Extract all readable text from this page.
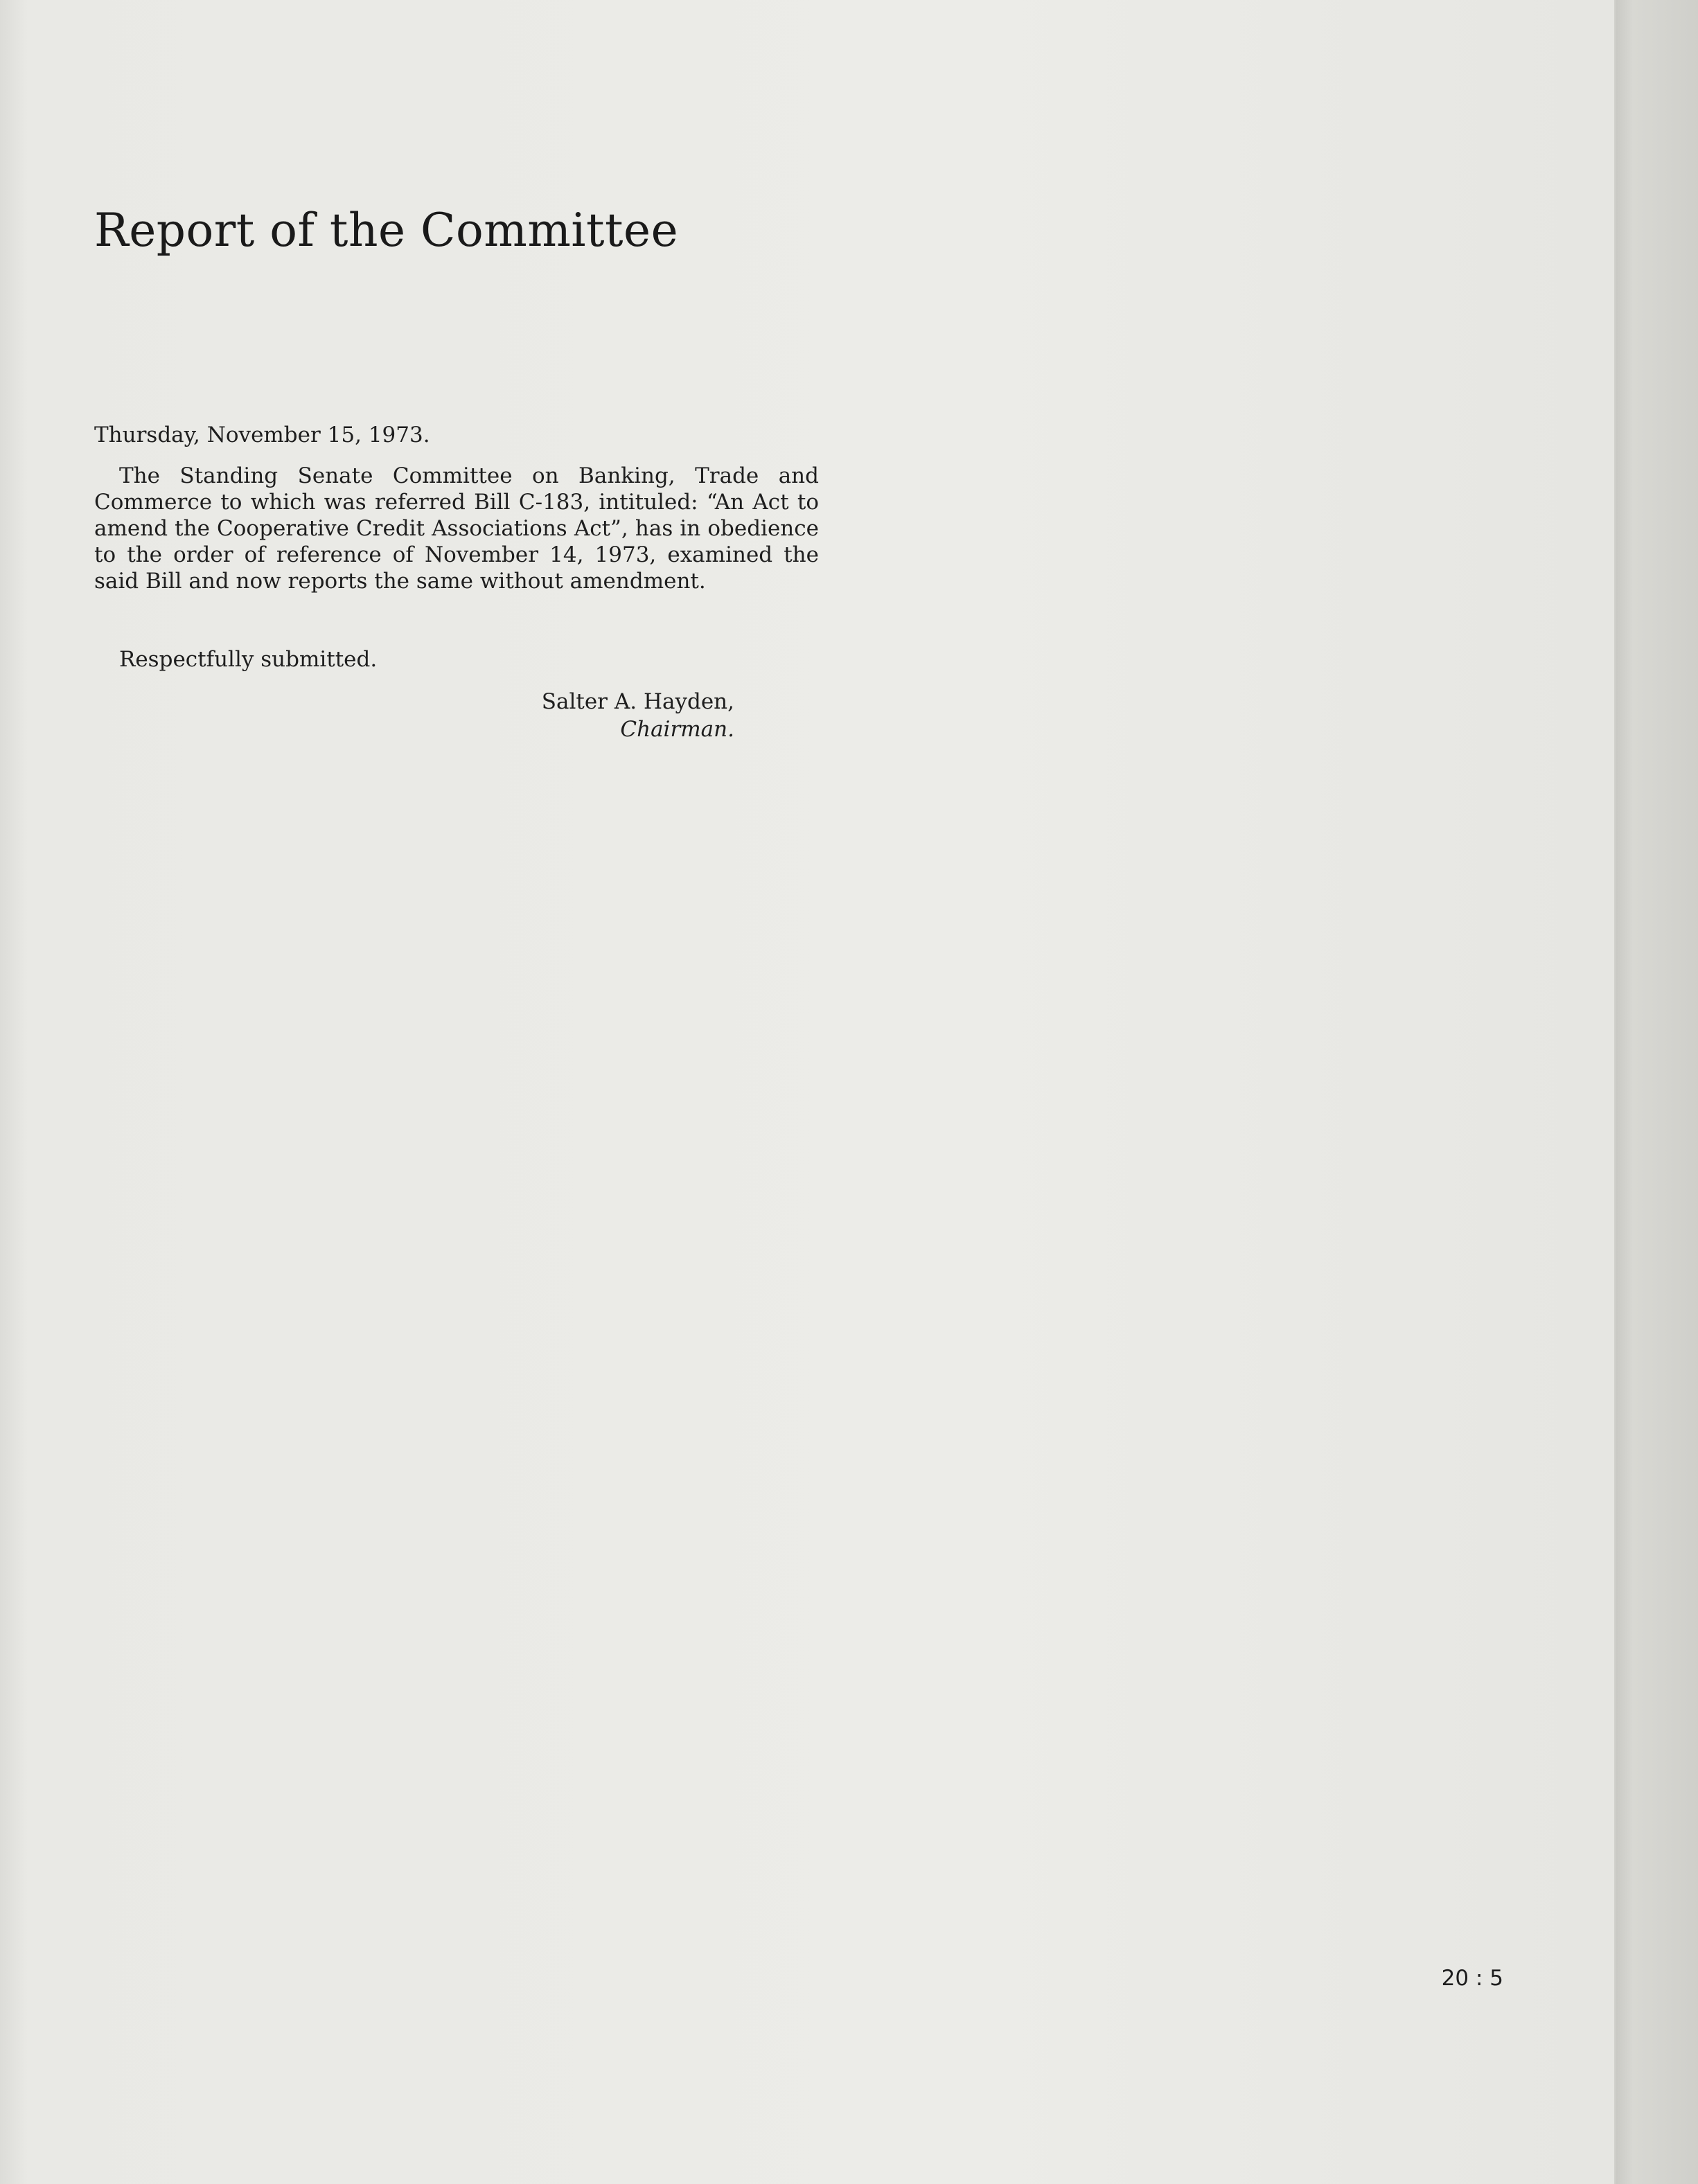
Report of the Committee

Thursday, November 15, 1973.

The Standing Senate Committee on Banking, Trade and Commerce to which was referred Bill C-183, intituled: “An Act to amend the Cooperative Credit Associations Act”, has in obedience to the order of reference of November 14, 1973, examined the said Bill and now reports the same without amendment.

Respectfully submitted.

Salter A. Hayden,

Chairman.

20 : 5
